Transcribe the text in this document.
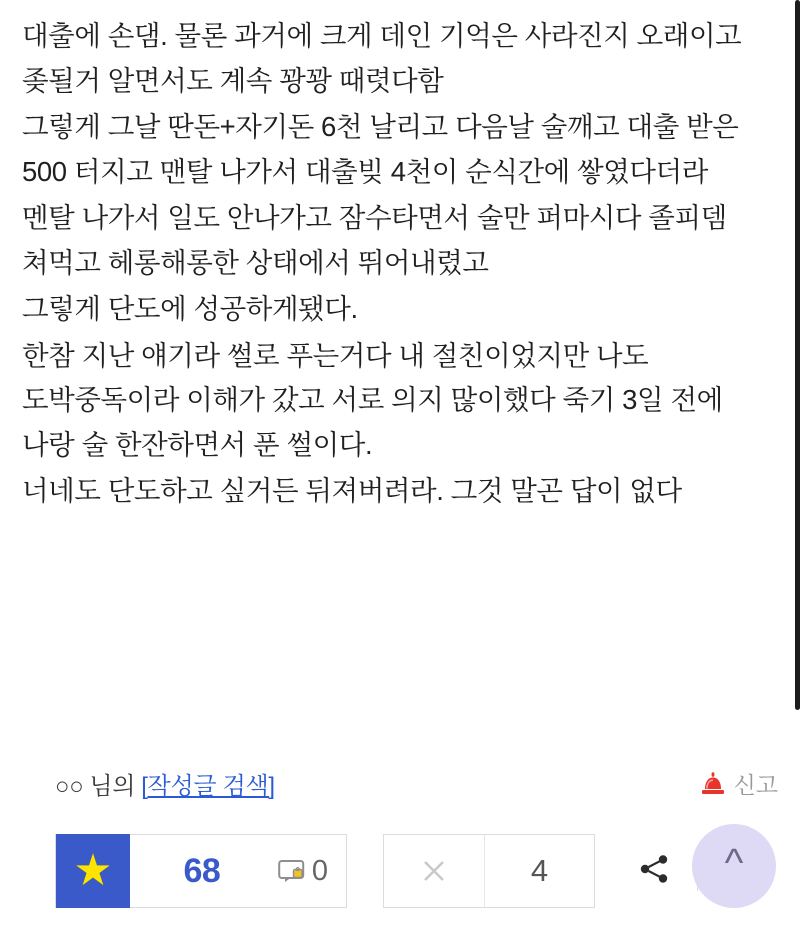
대출에 손댐. 물론 과거에 크게 데인 기억은 사라진지 오래이고 좆될거 알면서도 계속 꽝꽝 때렷다함

그렇게 그날 딴돈+자기돈 6천 날리고 다음날 술깨고 대출 받은 500 터지고 맨탈 나가서 대출빚 4천이 순식간에 쌓였다더라

멘탈 나가서 일도 안나가고 잠수타면서 술만 퍼마시다 졸피뎀 쳐먹고 헤롱해롱한 상태에서 뛰어내렸고

그렇게 단도에 성공하게됐다.

한참 지난 얘기라 썰로 푸는거다 내 절친이었지만 나도 도박중독이라 이해가 갔고 서로 의지 많이했다 죽기 3일 전에 나랑 술 한잔하면서 푼 썰이다.

너네도 단도하고 싶거든 뒤져버려라. 그것 말곤 답이 없다

○○ 님의 [작성글 검색]	신고
★	68	0	4	^
